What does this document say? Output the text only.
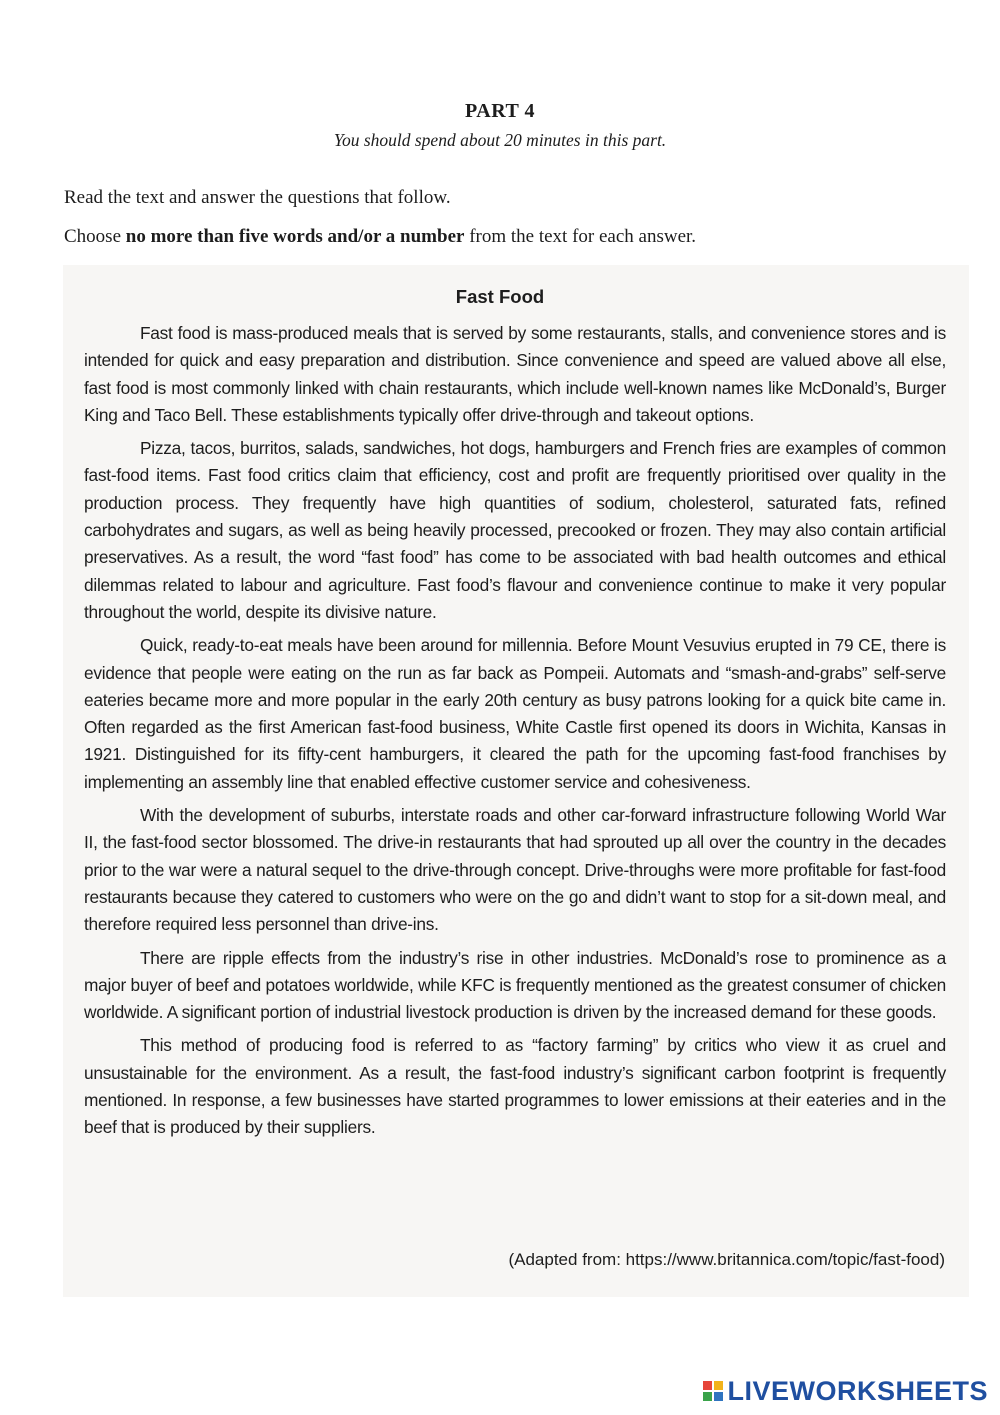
PART 4
You should spend about 20 minutes in this part.
Read the text and answer the questions that follow.
Choose no more than five words and/or a number from the text for each answer.
Fast Food

Fast food is mass-produced meals that is served by some restaurants, stalls, and convenience stores and is intended for quick and easy preparation and distribution. Since convenience and speed are valued above all else, fast food is most commonly linked with chain restaurants, which include well-known names like McDonald’s, Burger King and Taco Bell. These establishments typically offer drive-through and takeout options.

Pizza, tacos, burritos, salads, sandwiches, hot dogs, hamburgers and French fries are examples of common fast-food items. Fast food critics claim that efficiency, cost and profit are frequently prioritised over quality in the production process. They frequently have high quantities of sodium, cholesterol, saturated fats, refined carbohydrates and sugars, as well as being heavily processed, precooked or frozen. They may also contain artificial preservatives. As a result, the word “fast food” has come to be associated with bad health outcomes and ethical dilemmas related to labour and agriculture. Fast food’s flavour and convenience continue to make it very popular throughout the world, despite its divisive nature.

Quick, ready-to-eat meals have been around for millennia. Before Mount Vesuvius erupted in 79 CE, there is evidence that people were eating on the run as far back as Pompeii. Automats and “smash-and-grabs” self-serve eateries became more and more popular in the early 20th century as busy patrons looking for a quick bite came in. Often regarded as the first American fast-food business, White Castle first opened its doors in Wichita, Kansas in 1921. Distinguished for its fifty-cent hamburgers, it cleared the path for the upcoming fast-food franchises by implementing an assembly line that enabled effective customer service and cohesiveness.

With the development of suburbs, interstate roads and other car-forward infrastructure following World War II, the fast-food sector blossomed. The drive-in restaurants that had sprouted up all over the country in the decades prior to the war were a natural sequel to the drive-through concept. Drive-throughs were more profitable for fast-food restaurants because they catered to customers who were on the go and didn’t want to stop for a sit-down meal, and therefore required less personnel than drive-ins.

There are ripple effects from the industry’s rise in other industries. McDonald’s rose to prominence as a major buyer of beef and potatoes worldwide, while KFC is frequently mentioned as the greatest consumer of chicken worldwide. A significant portion of industrial livestock production is driven by the increased demand for these goods.

This method of producing food is referred to as “factory farming” by critics who view it as cruel and unsustainable for the environment. As a result, the fast-food industry’s significant carbon footprint is frequently mentioned. In response, a few businesses have started programmes to lower emissions at their eateries and in the beef that is produced by their suppliers.

(Adapted from: https://www.britannica.com/topic/fast-food)
LIVEWORKSHEETS
